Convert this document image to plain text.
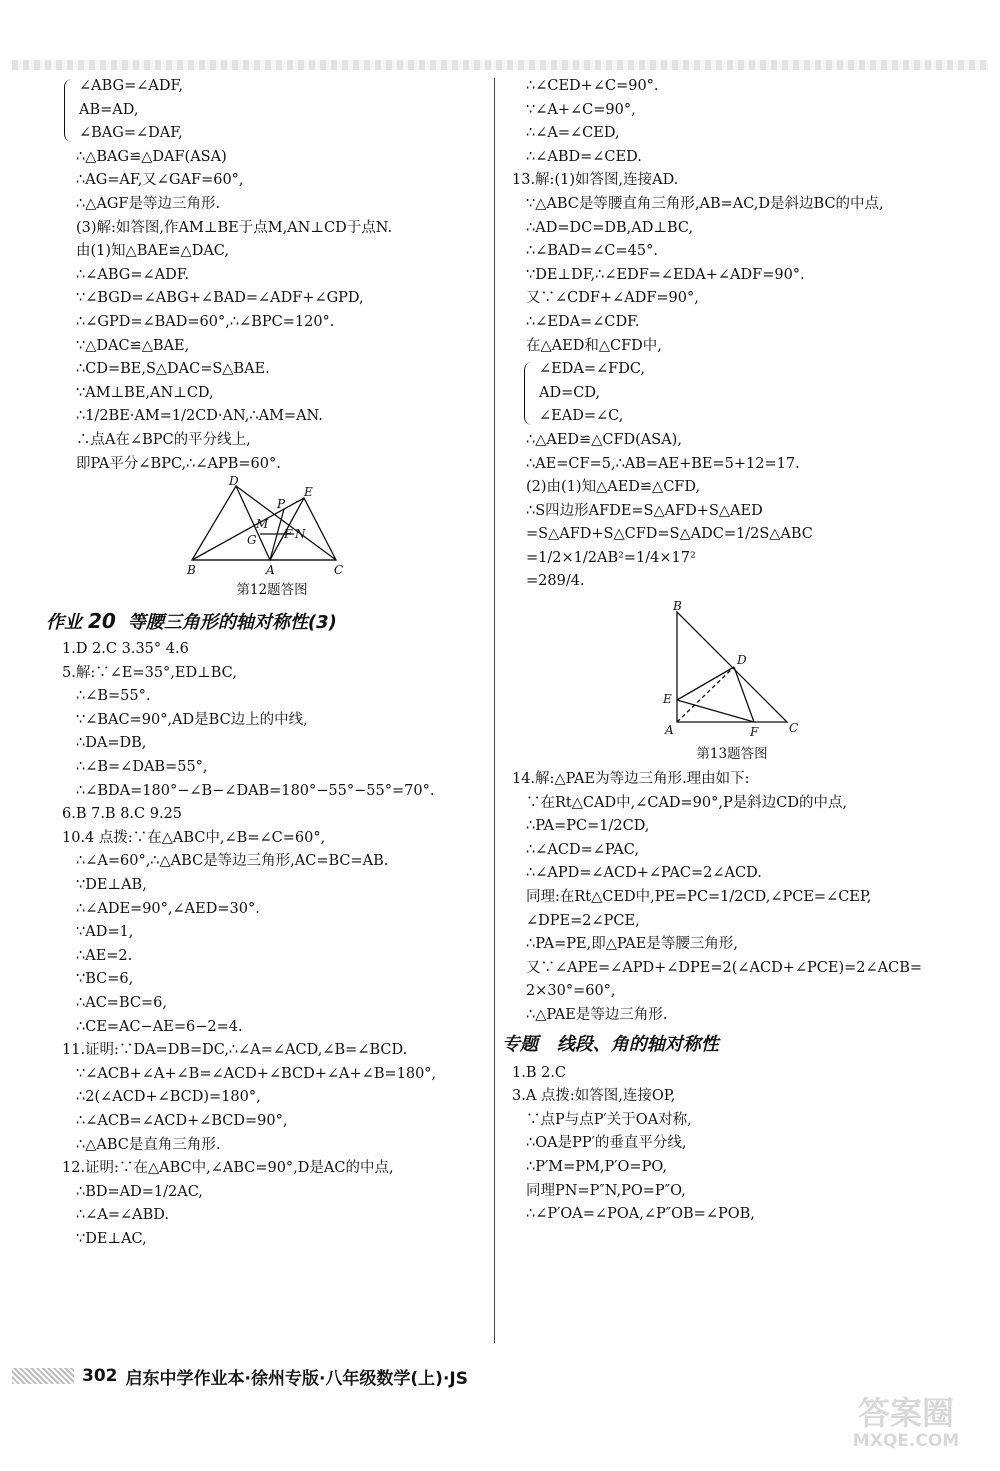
∠ABG=∠ADF,
AB=AD,
∠BAG=∠DAF,
∴△BAG≌△DAF(ASA)
∴AG=AF,又∠GAF=60°,
∴△AGF是等边三角形.
(3)解:如答图,作AM⊥BE于点M,AN⊥CD于点N.
由(1)知△BAE≌△DAC,
∴∠ABG=∠ADF.
∵∠BGD=∠ABG+∠BAD=∠ADF+∠GPD,
∴∠GPD=∠BAD=60°,∴∠BPC=120°.
∵△DAC≌△BAE,
∴CD=BE,S△DAC=S△BAE.
∵AM⊥BE,AN⊥CD,
∴1/2BE·AM=1/2CD·AN,∴AM=AN.
∴点A在∠BPC的平分线上,
即PA平分∠BPC,∴∠APB=60°.
D
M
P
E
G F N
B	A	C
第12题答图
作业 20 等腰三角形的轴对称性(3)
1.D 2.C 3.35° 4.6
5.解:∵∠E=35°,ED⊥BC,
∴∠B=55°.
∵∠BAC=90°,AD是BC边上的中线,
∴DA=DB,
∴∠B=∠DAB=55°,
∴∠BDA=180°−∠B−∠DAB=180°−55°−55°=70°.
6.B 7.B 8.C 9.25
10.4 点拨:∵在△ABC中,∠B=∠C=60°,
∴∠A=60°,∴△ABC是等边三角形,AC=BC=AB.
∵DE⊥AB,
∴∠ADE=90°,∠AED=30°.
∵AD=1,
∴AE=2.
∵BC=6,
∴AC=BC=6,
∴CE=AC−AE=6−2=4.
11.证明:∵DA=DB=DC,∴∠A=∠ACD,∠B=∠BCD.
∵∠ACB+∠A+∠B=∠ACD+∠BCD+∠A+∠B=180°,
∴2(∠ACD+∠BCD)=180°,
∴∠ACB=∠ACD+∠BCD=90°,
∴△ABC是直角三角形.
12.证明:∵在△ABC中,∠ABC=90°,D是AC的中点,
∴BD=AD=1/2AC,
∴∠A=∠ABD.
∵DE⊥AC,
∴∠CED+∠C=90°.
∵∠A+∠C=90°,
∴∠A=∠CED,
∴∠ABD=∠CED.
13.解:(1)如答图,连接AD.
∵△ABC是等腰直角三角形,AB=AC,D是斜边BC的中点,
∴AD=DC=DB,AD⊥BC,
∴∠BAD=∠C=45°.
∵DE⊥DF,∴∠EDF=∠EDA+∠ADF=90°.
又∵∠CDF+∠ADF=90°,
∴∠EDA=∠CDF.
在△AED和△CFD中,
∠EDA=∠FDC,
AD=CD,
∠EAD=∠C,
∴△AED≌△CFD(ASA),
∴AE=CF=5,∴AB=AE+BE=5+12=17.
(2)由(1)知△AED≌△CFD,
∴S四边形AFDE=S△AFD+S△AED
=S△AFD+S△CFD=S△ADC=1/2S△ABC
=1/2×1/2AB²=1/4×17²
=289/4.
B
D
E
A	F	C
第13题答图
14.解:△PAE为等边三角形.理由如下:
∵在Rt△CAD中,∠CAD=90°,P是斜边CD的中点,
∴PA=PC=1/2CD,
∴∠ACD=∠PAC,
∴∠APD=∠ACD+∠PAC=2∠ACD.
同理:在Rt△CED中,PE=PC=1/2CD,∠PCE=∠CEP,
∠DPE=2∠PCE,
∴PA=PE,即△PAE是等腰三角形,
又∵∠APE=∠APD+∠DPE=2(∠ACD+∠PCE)=2∠ACB=
2×30°=60°,
∴△PAE是等边三角形.
专题 线段、角的轴对称性
1.B 2.C
3.A 点拨:如答图,连接OP,
∵点P与点P′关于OA对称,
∴OA是PP′的垂直平分线,
∴P′M=PM,P′O=PO,
同理PN=P″N,PO=P″O,
∴∠P′OA=∠POA,∠P″OB=∠POB,
302 启东中学作业本·徐州专版·八年级数学(上)·JS
答案圈
MXQE.COM
